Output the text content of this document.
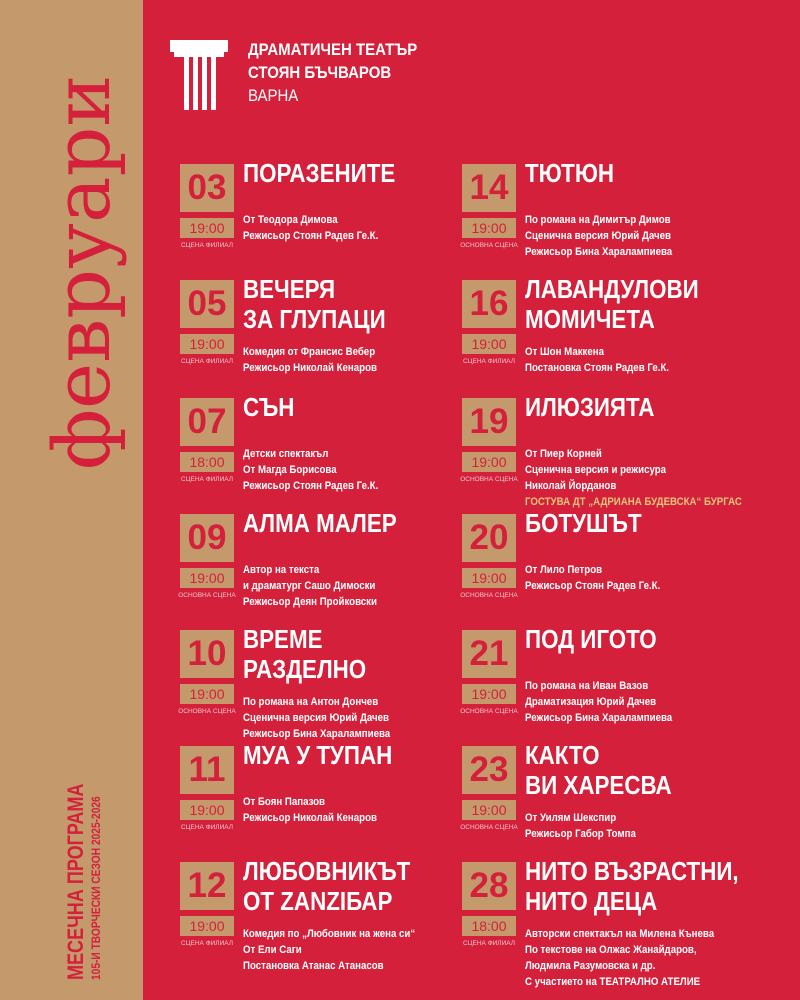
февруари
МЕСЕЧНА ПРОГРАМА 105-И ТВОРЧЕСКИ СЕЗОН 2025-2026
ДРАМАТИЧЕН ТЕАТЪР
СТОЯН БЪЧВАРОВ
ВАРНА
03
19:00
СЦЕНА ФИЛИАЛ
ПОРАЗЕНИТЕ
От Теодора Димова
Режисьор Стоян Радев Ге.К.
05
19:00
СЦЕНА ФИЛИАЛ
ВЕЧЕРЯ
ЗА ГЛУПАЦИ
Комедия от Франсис Вебер
Режисьор Николай Кенаров
07
18:00
СЦЕНА ФИЛИАЛ
СЪН
Детски спектакъл
От Магда Борисова
Режисьор Стоян Радев Ге.К.
09
19:00
ОСНОВНА СЦЕНА
АЛМА МАЛЕР
Автор на текста
и драматург Сашо Димоски
Режисьор Деян Пройковски
10
19:00
ОСНОВНА СЦЕНА
ВРЕМЕ
РАЗДЕЛНО
По романа на Антон Дончев
Сценична версия Юрий Дачев
Режисьор Бина Харалампиева
11
19:00
СЦЕНА ФИЛИАЛ
МУА У ТУПАН
От Боян Папазов
Режисьор Николай Кенаров
12
19:00
СЦЕНА ФИЛИАЛ
ЛЮБОВНИКЪТ
ОТ ZANZIБАР
Комедия по „Любовник на жена си“
От Ели Саги
Постановка Атанас Атанасов
14
19:00
ОСНОВНА СЦЕНА
ТЮТЮН
По романа на Димитър Димов
Сценична версия Юрий Дачев
Режисьор Бина Харалампиева
16
19:00
СЦЕНА ФИЛИАЛ
ЛАВАНДУЛОВИ
МОМИЧЕТА
От Шон Маккена
Постановка Стоян Радев Ге.К.
19
19:00
ОСНОВНА СЦЕНА
ИЛЮЗИЯТА
От Пиер Корней
Сценична версия и режисура
Николай Йорданов
ГОСТУВА ДТ „АДРИАНА БУДЕВСКА“ БУРГАС
20
19:00
ОСНОВНА СЦЕНА
БОТУШЪТ
От Лило Петров
Режисьор Стоян Радев Ге.К.
21
19:00
ОСНОВНА СЦЕНА
ПОД ИГОТО
По романа на Иван Вазов
Драматизация Юрий Дачев
Режисьор Бина Харалампиева
23
19:00
ОСНОВНА СЦЕНА
КАКТО
ВИ ХАРЕСВА
От Уилям Шекспир
Режисьор Габор Томпа
28
18:00
СЦЕНА ФИЛИАЛ
НИТО ВЪЗРАСТНИ,
НИТО ДЕЦА
Авторски спектакъл на Милена Кънева
По текстове на Олжас Жанайдаров,
Людмила Разумовска и др.
С участието на ТЕАТРАЛНО АТЕЛИЕ
